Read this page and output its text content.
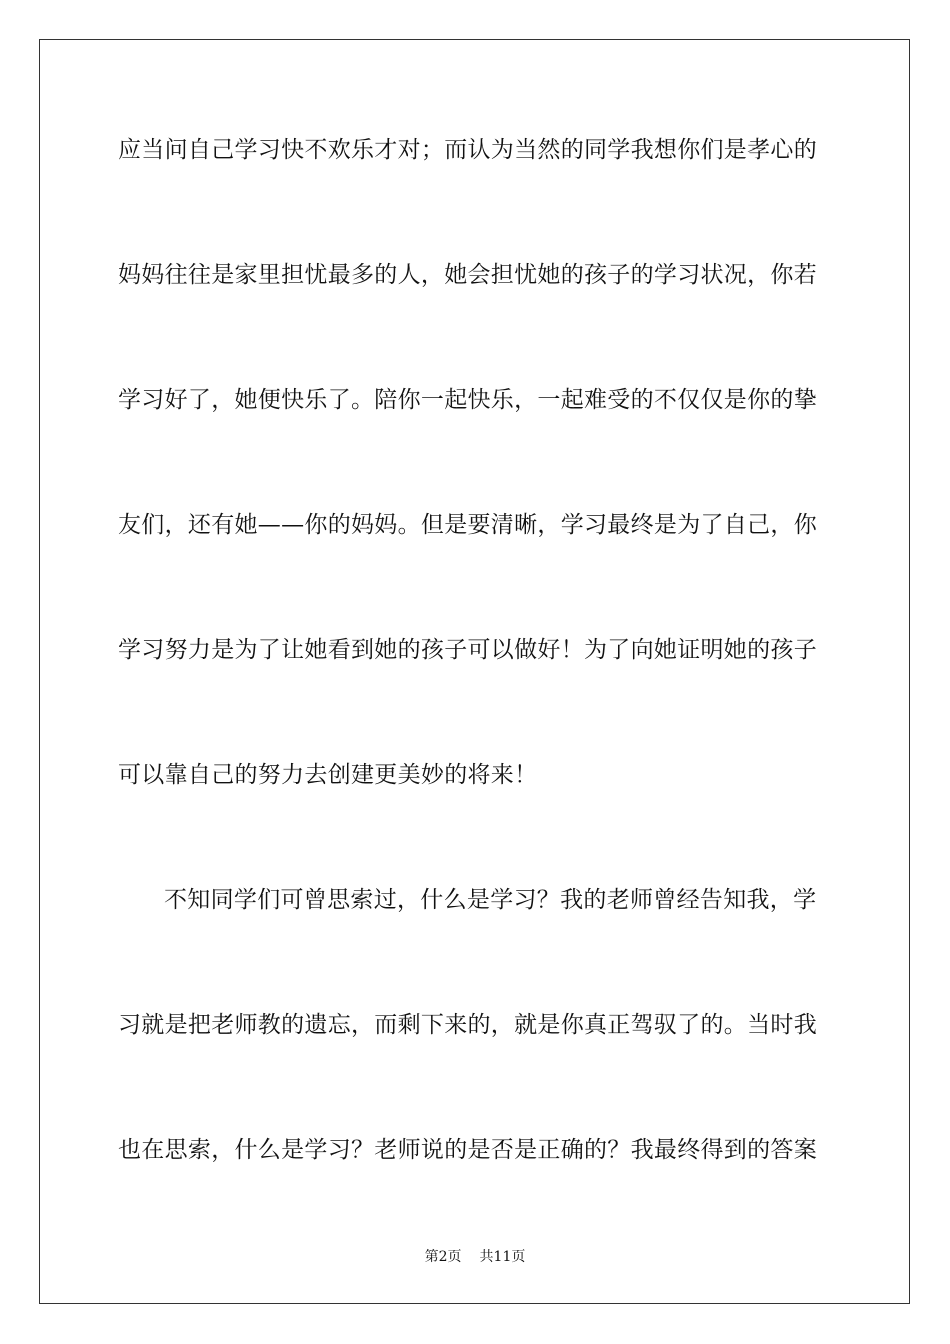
应当问自己学习快不欢乐才对；而认为当然的同学我想你们是孝心的
妈妈往往是家里担忧最多的人，她会担忧她的孩子的学习状况，你若
学习好了，她便快乐了。陪你一起快乐，一起难受的不仅仅是你的挚
友们，还有她——你的妈妈。但是要清晰，学习最终是为了自己，你
学习努力是为了让她看到她的孩子可以做好！为了向她证明她的孩子
可以靠自己的努力去创建更美妙的将来！
不知同学们可曾思索过，什么是学习？我的老师曾经告知我，学
习就是把老师教的遗忘，而剩下来的，就是你真正驾驭了的。当时我
也在思索，什么是学习？老师说的是否是正确的？我最终得到的答案
第2页 共11页
